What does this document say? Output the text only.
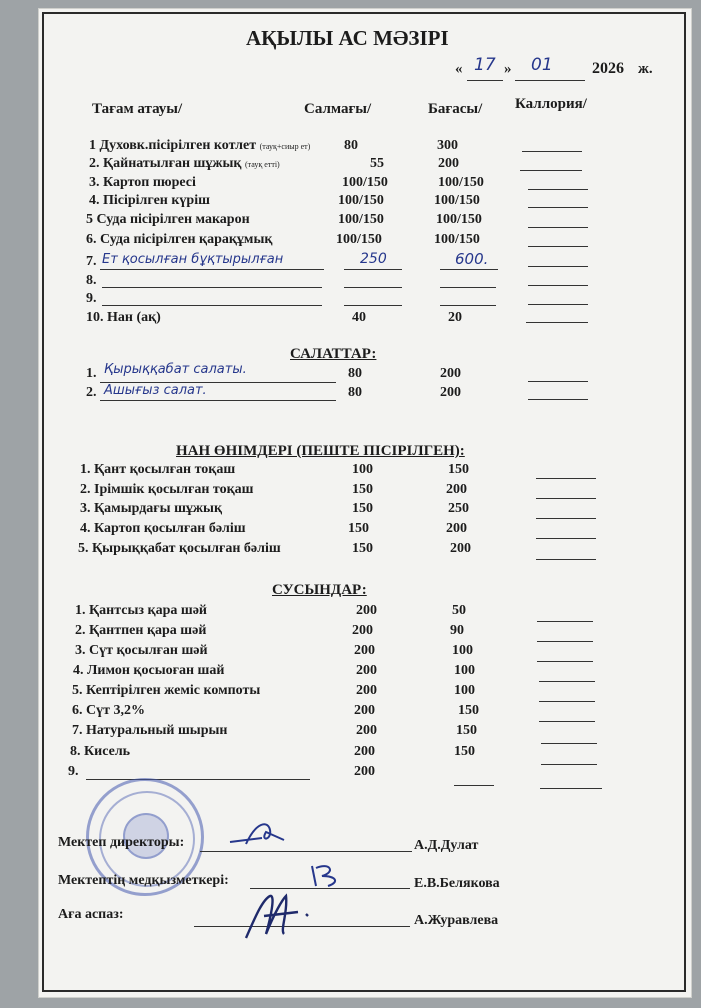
АҚЫЛЫ АС МӘЗІРІ
« 17 » 01 2026 ж.
Тағам атауы/	Салмағы/	Бағасы/ Каллория/
1 Духовк.пісірілген котлет (тауқ+сиыр ет) 80	300
2. Қайнатылған шұжық (тауқ етті)	55	200
3. Картоп пюресі	100/150	100/150
4. Пісірілген күріш	100/150	100/150
5 Суда пісірілген макарон	100/150	100/150
6. Суда пісірілген қарақұмық	100/150	100/150
7. Ет қосылған бұқтырылған	250	600.
8.
9.
10. Нан (ақ)	40	20
САЛАТТАР:
1. Қырыққабат салаты.	80	200
2. Ашығыз салат.	80	200
НАН ӨНІМДЕРІ (ПЕШТЕ ПІСІРІЛГЕН):
1. Қант қосылған тоқаш	100	150
2. Ірімшік қосылған тоқаш	150	200
3. Қамырдағы шұжық	150	250
4. Картоп қосылған бәліш	150	200
5. Қырыққабат қосылған бәліш	150	200
СУСЫНДАР:
1. Қантсыз қара шәй	200	50
2. Қантпен қара шәй	200	90
3. Сүт қосылған шәй	200	100
4. Лимон қосыоған шай	200	100
5. Кептірілген жеміс компоты	200	100
6. Сүт 3,2%	200	150
7. Натуральный шырын	200	150
8. Кисель	200	150
9.	200
Мектеп директоры:	А.Д.Дулат
Мектептің медқызметкері:	Е.В.Белякова
Аға аспаз:	А.Журавлева
